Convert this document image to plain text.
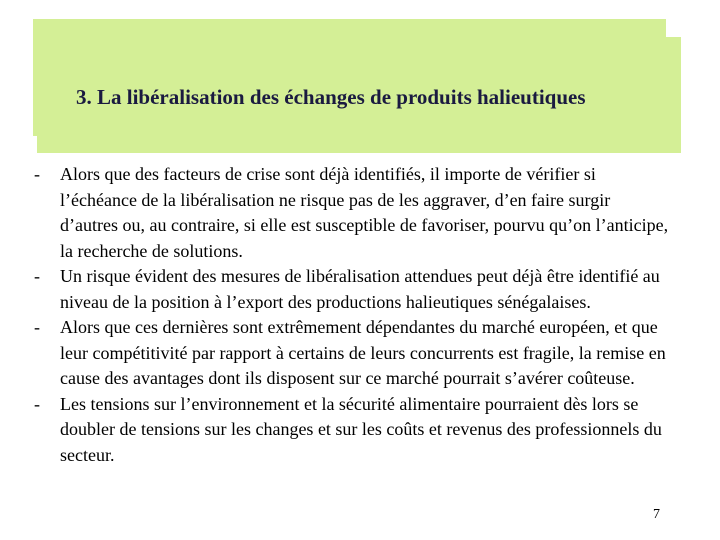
3. La libéralisation des échanges de produits halieutiques
- Alors que des facteurs de crise sont déjà identifiés, il importe de vérifier si l’échéance de la libéralisation ne risque pas de les aggraver, d’en faire surgir d’autres ou, au contraire, si elle est susceptible de favoriser, pourvu qu’on l’anticipe, la recherche de solutions.
- Un risque évident des mesures de libéralisation attendues peut déjà être identifié au niveau de la position à l’export des productions halieutiques sénégalaises.
- Alors que ces dernières sont extrêmement dépendantes du marché européen, et que leur compétitivité par rapport à certains de leurs concurrents est fragile, la remise en cause des avantages dont ils disposent sur ce marché pourrait s’avérer coûteuse.
- Les tensions sur l’environnement et la sécurité alimentaire pourraient dès lors se doubler de tensions sur les changes et sur les coûts et revenus des professionnels du secteur.
7
